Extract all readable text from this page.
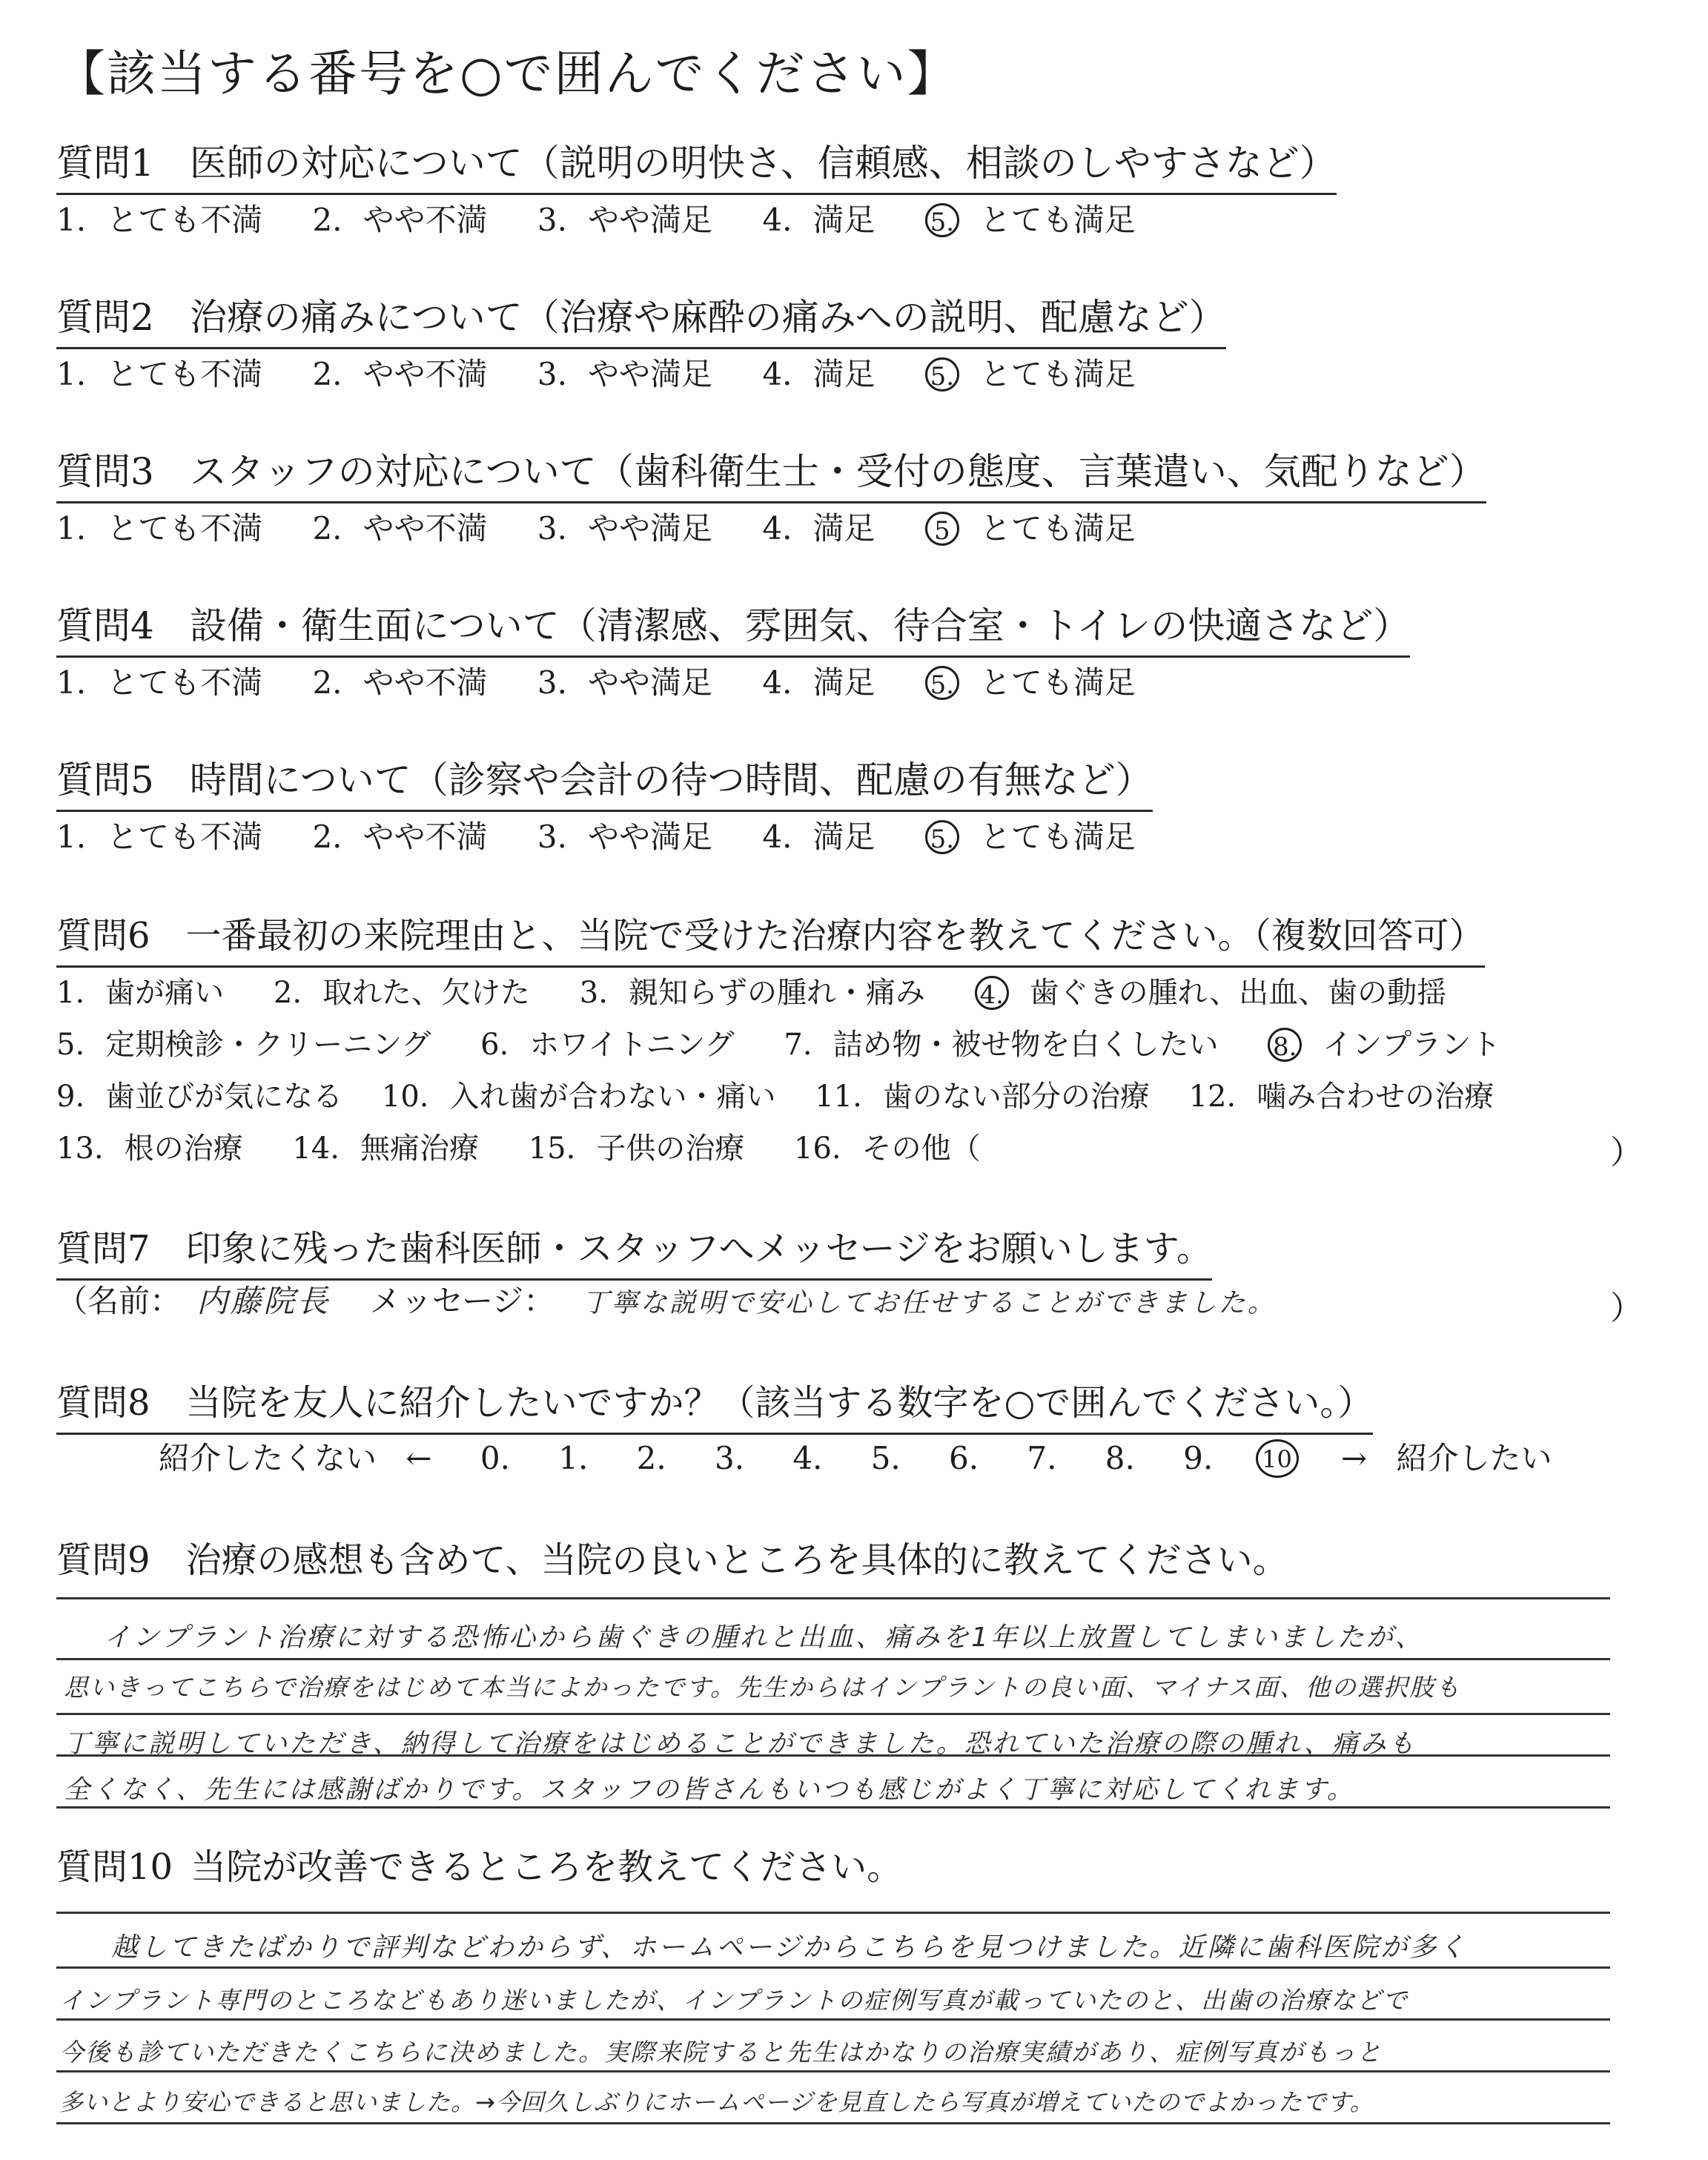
【該当する番号を○で囲んでください】
質問1 医師の対応について（説明の明快さ、信頼感、相談のしやすさなど）
1. とても不満 2. やや不満 3. やや満足 4. 満足 5. とても満足
質問2 治療の痛みについて（治療や麻酔の痛みへの説明、配慮など）
1. とても不満 2. やや不満 3. やや満足 4. 満足 5. とても満足
質問3 スタッフの対応について（歯科衛生士・受付の態度、言葉遣い、気配りなど）
1. とても不満 2. やや不満 3. やや満足 4. 満足 5 とても満足
質問4 設備・衛生面について（清潔感、雰囲気、待合室・トイレの快適さなど）
1. とても不満 2. やや不満 3. やや満足 4. 満足 5. とても満足
質問5 時間について（診察や会計の待つ時間、配慮の有無など）
1. とても不満 2. やや不満 3. やや満足 4. 満足 5. とても満足
質問6 一番最初の来院理由と、当院で受けた治療内容を教えてください。（複数回答可）
1. 歯が痛い 2. 取れた、欠けた 3. 親知らずの腫れ・痛み 4. 歯ぐきの腫れ、出血、歯の動揺
5. 定期検診・クリーニング 6. ホワイトニング 7. 詰め物・被せ物を白くしたい 8. インプラント
9. 歯並びが気になる 10. 入れ歯が合わない・痛い 11. 歯のない部分の治療 12. 噛み合わせの治療
13. 根の治療 14. 無痛治療 15. 子供の治療 16. その他（	）
質問7 印象に残った歯科医師・スタッフへメッセージをお願いします。
（名前： 内藤院長 メッセージ： 丁寧な説明で安心してお任せすることができました。	）
質問8 当院を友人に紹介したいですか？（該当する数字を○で囲んでください。）
紹介したくない ← 0. 1. 2. 3. 4. 5. 6. 7. 8. 9. 10 → 紹介したい
質問9 治療の感想も含めて、当院の良いところを具体的に教えてください。
インプラント治療に対する恐怖心から歯ぐきの腫れと出血、痛みを1年以上放置してしまいましたが、
思いきってこちらで治療をはじめて本当によかったです。先生からはインプラントの良い面、マイナス面、他の選択肢も
丁寧に説明していただき、納得して治療をはじめることができました。恐れていた治療の際の腫れ、痛みも
全くなく、先生には感謝ばかりです。スタッフの皆さんもいつも感じがよく丁寧に対応してくれます。
質問10 当院が改善できるところを教えてください。
越してきたばかりで評判などわからず、ホームページからこちらを見つけました。近隣に歯科医院が多く
インプラント専門のところなどもあり迷いましたが、インプラントの症例写真が載っていたのと、出歯の治療などで
今後も診ていただきたくこちらに決めました。実際来院すると先生はかなりの治療実績があり、症例写真がもっと
多いとより安心できると思いました。→今回久しぶりにホームページを見直したら写真が増えていたのでよかったです。
